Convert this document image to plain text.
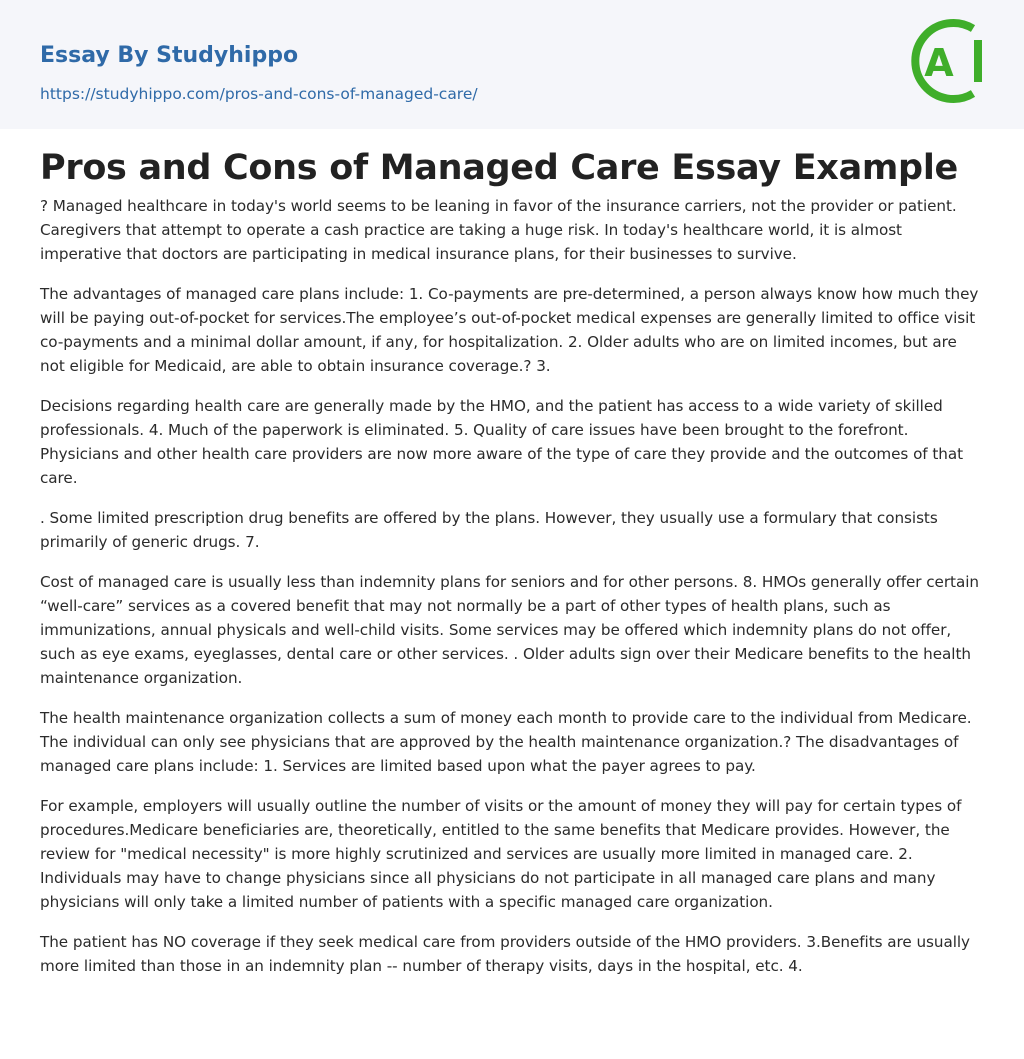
Essay By Studyhippo

https://studyhippo.com/pros-and-cons-of-managed-care/
A
Pros and Cons of Managed Care Essay Example

? Managed healthcare in today's world seems to be leaning in favor of the insurance carriers, not the provider or patient. Caregivers that attempt to operate a cash practice are taking a huge risk. In today's healthcare world, it is almost imperative that doctors are participating in medical insurance plans, for their businesses to survive.

The advantages of managed care plans include: 1. Co-payments are pre-determined, a person always know how much they will be paying out-of-pocket for services.The employee’s out-of-pocket medical expenses are generally limited to office visit co-payments and a minimal dollar amount, if any, for hospitalization. 2. Older adults who are on limited incomes, but are not eligible for Medicaid, are able to obtain insurance coverage.? 3.

Decisions regarding health care are generally made by the HMO, and the patient has access to a wide variety of skilled professionals. 4. Much of the paperwork is eliminated. 5. Quality of care issues have been brought to the forefront. Physicians and other health care providers are now more aware of the type of care they provide and the outcomes of that care.

. Some limited prescription drug benefits are offered by the plans. However, they usually use a formulary that consists primarily of generic drugs. 7.

Cost of managed care is usually less than indemnity plans for seniors and for other persons. 8. HMOs generally offer certain “well-care” services as a covered benefit that may not normally be a part of other types of health plans, such as immunizations, annual physicals and well-child visits. Some services may be offered which indemnity plans do not offer, such as eye exams, eyeglasses, dental care or other services. . Older adults sign over their Medicare benefits to the health maintenance organization.

The health maintenance organization collects a sum of money each month to provide care to the individual from Medicare. The individual can only see physicians that are approved by the health maintenance organization.? The disadvantages of managed care plans include: 1. Services are limited based upon what the payer agrees to pay.

For example, employers will usually outline the number of visits or the amount of money they will pay for certain types of procedures.Medicare beneficiaries are, theoretically, entitled to the same benefits that Medicare provides. However, the review for "medical necessity" is more highly scrutinized and services are usually more limited in managed care. 2. Individuals may have to change physicians since all physicians do not participate in all managed care plans and many physicians will only take a limited number of patients with a specific managed care organization.

The patient has NO coverage if they seek medical care from providers outside of the HMO providers. 3.Benefits are usually more limited than those in an indemnity plan -- number of therapy visits, days in the hospital, etc. 4.
